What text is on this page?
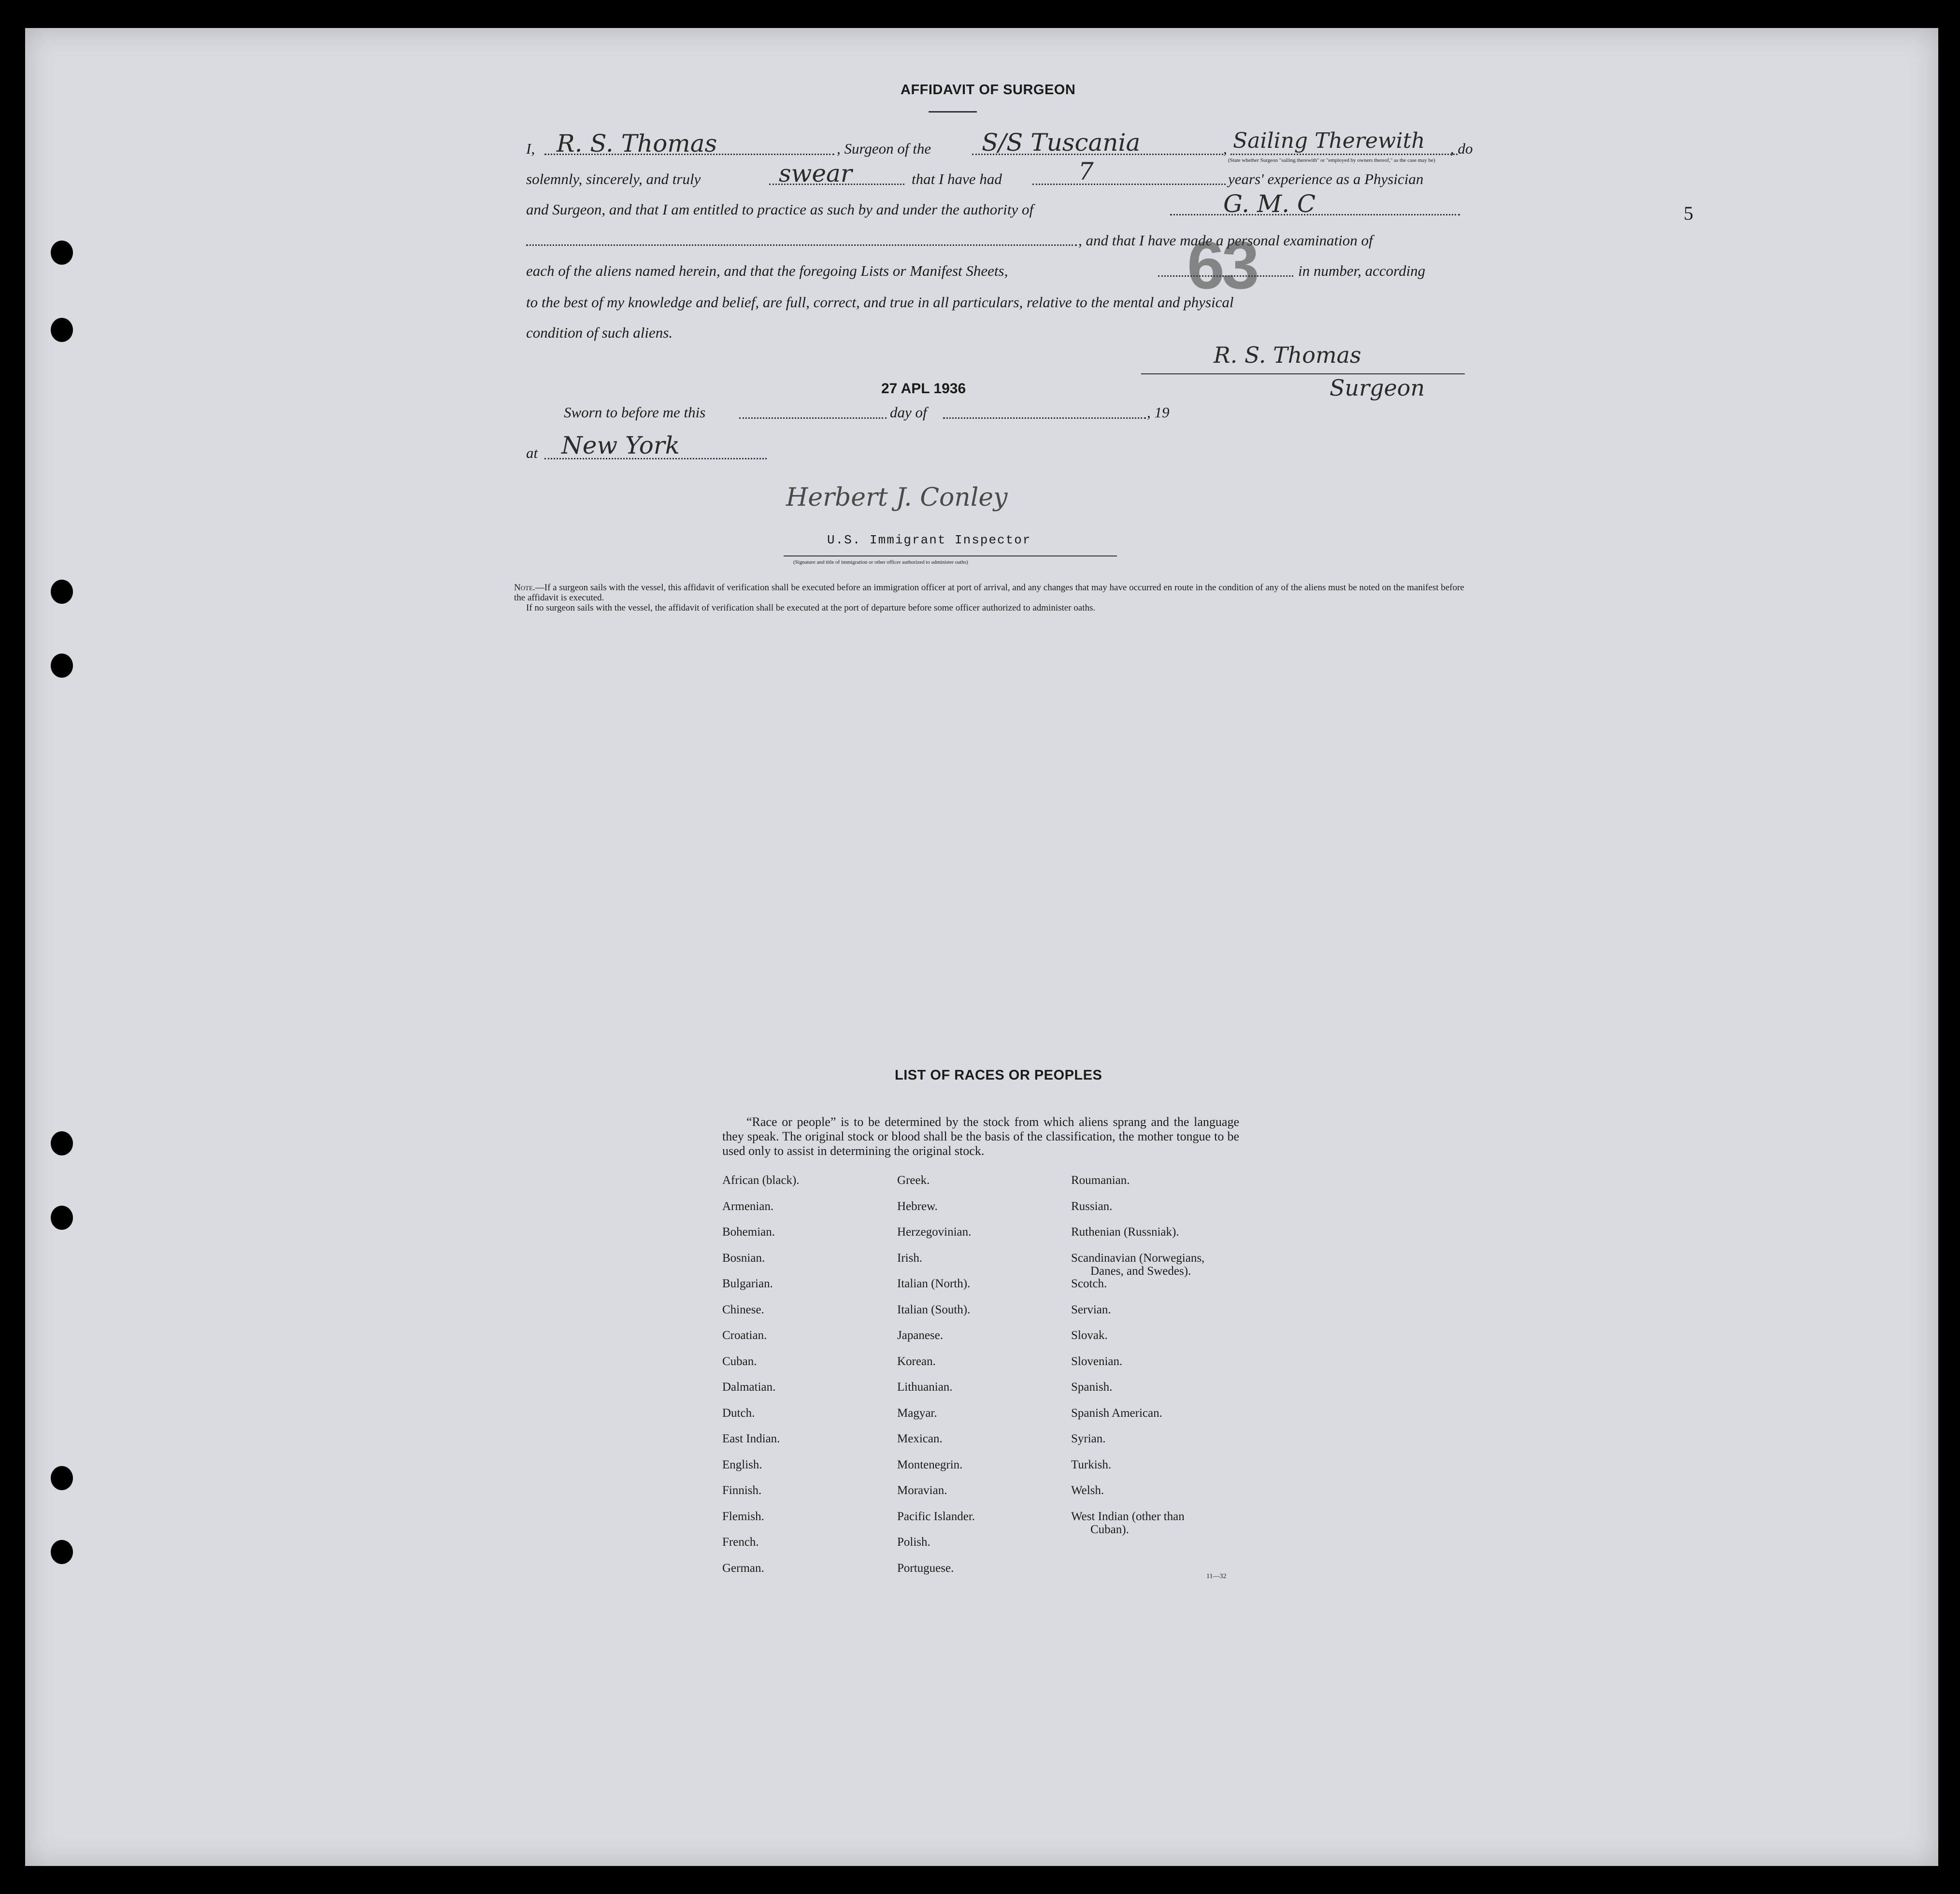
5
AFFIDAVIT OF SURGEON
I, R. S. Thomas	, Surgeon of the S/S Tuscania	, Sailing Therewith , do
(State whether Surgeon "sailing therewith" or "employed by owners thereof," as the case may be)
solemnly, sincerely, and truly	swear	that I have had	7	years' experience as a Physician
and Surgeon, and that I am entitled to practice as such by and under the authority of	G. M. C
, and that I have made a personal examination of
each of the aliens named herein, and that the foregoing Lists or Manifest Sheets,	63	in number, according
to the best of my knowledge and belief, are full, correct, and true in all particulars, relative to the mental and physical
condition of such aliens.
R. S. Thomas
Surgeon
Sworn to before me this
27 APL 1936
day of	, 19
at New York
Herbert J. Conley
U.S. Immigrant Inspector
(Signature and title of immigration or other officer authorized to administer oaths)
Note.—If a surgeon sails with the vessel, this affidavit of verification shall be executed before an immigration officer at port of arrival, and any changes that may have occurred en route in the condition of any of the aliens must be noted on the manifest before the affidavit is executed.
If no surgeon sails with the vessel, the affidavit of verification shall be executed at the port of departure before some officer authorized to administer oaths.
LIST OF RACES OR PEOPLES
“Race or people” is to be determined by the stock from which aliens sprang and the language they speak. The original stock or blood shall be the basis of the classification, the mother tongue to be used only to assist in determining the original stock.
African (black).
Armenian.
Bohemian.
Bosnian.
Bulgarian.
Chinese.
Croatian.
Cuban.
Dalmatian.
Dutch.
East Indian.
English.
Finnish.
Flemish.
French.
German.
Greek.
Hebrew.
Herzegovinian.
Irish.
Italian (North).
Italian (South).
Japanese.
Korean.
Lithuanian.
Magyar.
Mexican.
Montenegrin.
Moravian.
Pacific Islander.
Polish.
Portuguese.
Roumanian.
Russian.
Ruthenian (Russniak).
Scandinavian (Norwegians,
Danes, and Swedes).
Scotch.
Servian.
Slovak.
Slovenian.
Spanish.
Spanish American.
Syrian.
Turkish.
Welsh.
West Indian (other than
Cuban).
11—32
